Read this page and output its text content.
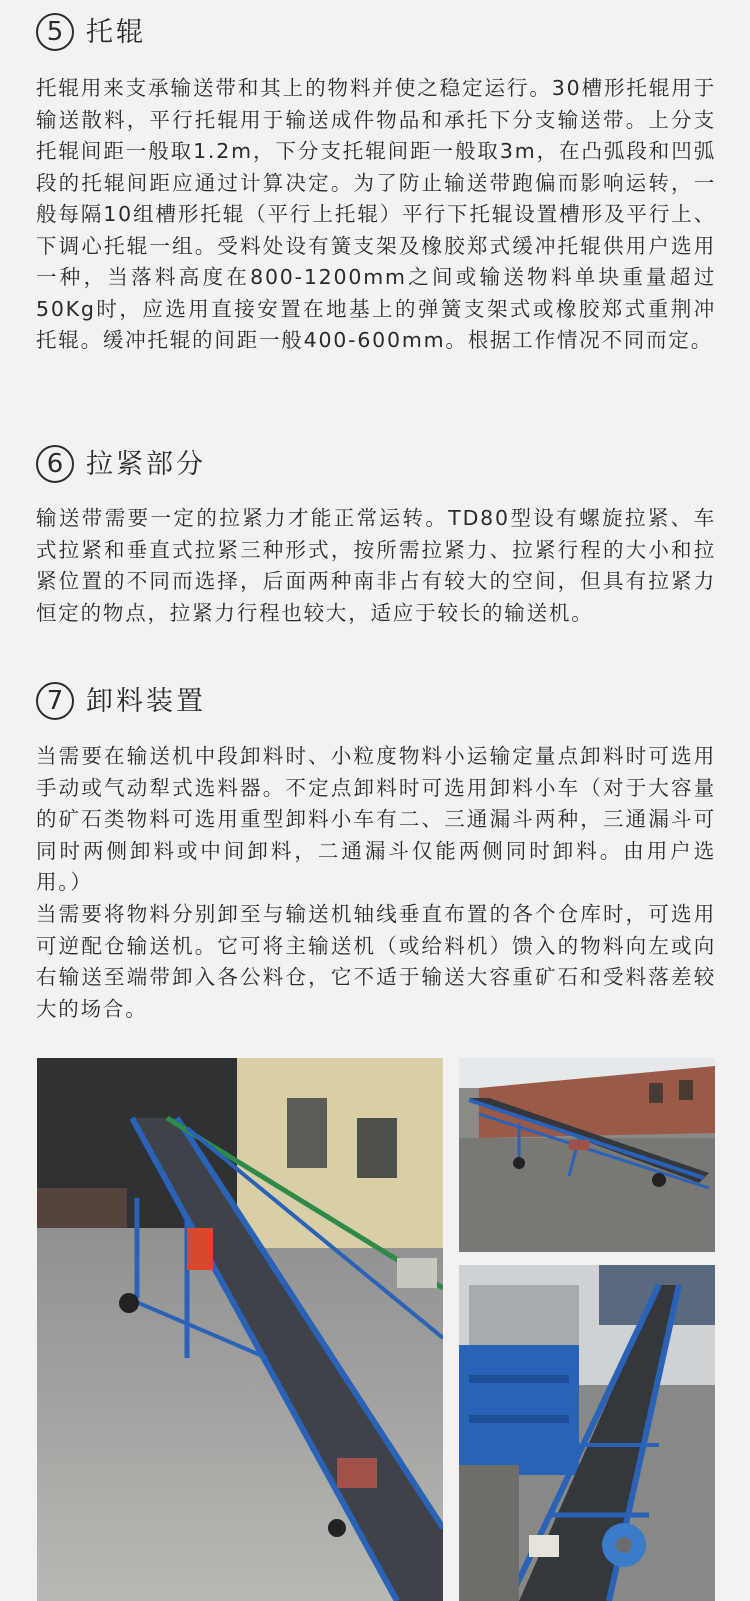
5 托辊

托辊用来支承输送带和其上的物料并使之稳定运行。30槽形托辊用于输送散料，平行托辊用于输送成件物品和承托下分支输送带。上分支托辊间距一般取1.2m，下分支托辊间距一般取3m，在凸弧段和凹弧段的托辊间距应通过计算决定。为了防止输送带跑偏而影响运转，一般每隔10组槽形托辊（平行上托辊）平行下托辊设置槽形及平行上、下调心托辊一组。受料处设有簧支架及橡胶郑式缓冲托辊供用户选用一种，当落料高度在800-1200mm之间或输送物料单块重量超过50Kg时，应选用直接安置在地基上的弹簧支架式或橡胶郑式重荆冲托辊。缓冲托辊的间距一般400-600mm。根据工作情况不同而定。

6 拉紧部分

输送带需要一定的拉紧力才能正常运转。TD80型设有螺旋拉紧、车式拉紧和垂直式拉紧三种形式，按所需拉紧力、拉紧行程的大小和拉紧位置的不同而选择，后面两种南非占有较大的空间，但具有拉紧力恒定的物点，拉紧力行程也较大，适应于较长的输送机。

7 卸料装置

当需要在输送机中段卸料时、小粒度物料小运输定量点卸料时可选用手动或气动犁式选料器。不定点卸料时可选用卸料小车（对于大容量的矿石类物料可选用重型卸料小车有二、三通漏斗两种，三通漏斗可同时两侧卸料或中间卸料，二通漏斗仅能两侧同时卸料。由用户选用。）

当需要将物料分别卸至与输送机轴线垂直布置的各个仓库时，可选用可逆配仓输送机。它可将主输送机（或给料机）馈入的物料向左或向右输送至端带卸入各公料仓，它不适于输送大容重矿石和受料落差较大的场合。
